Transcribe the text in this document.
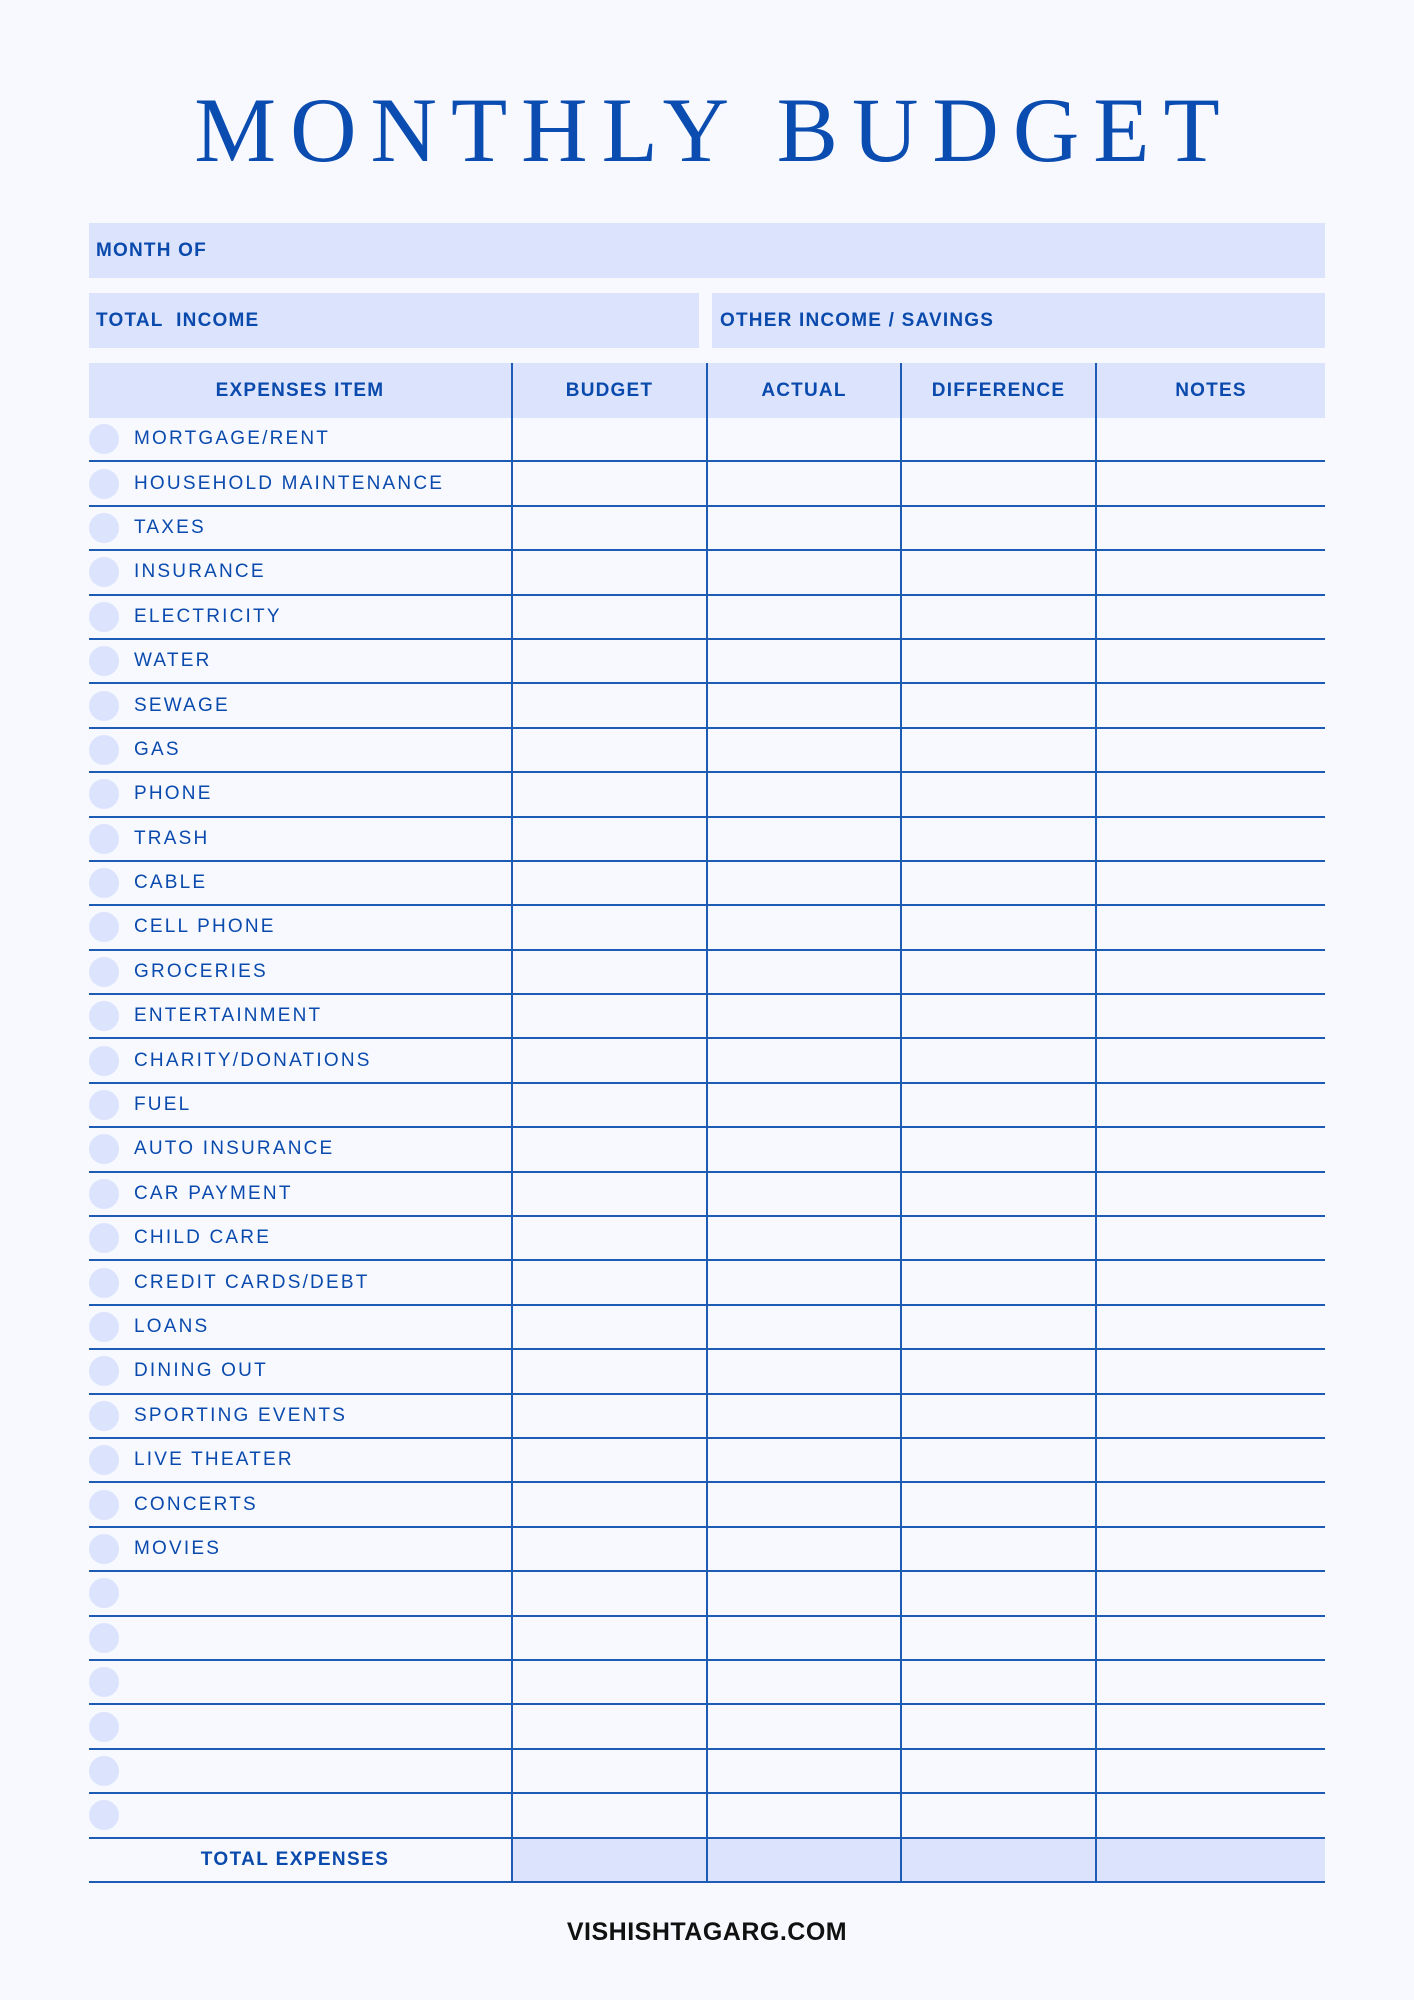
MONTHLY BUDGET
MONTH OF
TOTAL  INCOME	OTHER INCOME / SAVINGS
EXPENSES ITEM	BUDGET	ACTUAL	DIFFERENCE	NOTES
MORTGAGE/RENT
HOUSEHOLD MAINTENANCE
TAXES
INSURANCE
ELECTRICITY
WATER
SEWAGE
GAS
PHONE
TRASH
CABLE
CELL PHONE
GROCERIES
ENTERTAINMENT
CHARITY/DONATIONS
FUEL
AUTO INSURANCE
CAR PAYMENT
CHILD CARE
CREDIT CARDS/DEBT
LOANS
DINING OUT
SPORTING EVENTS
LIVE THEATER
CONCERTS
MOVIES
TOTAL EXPENSES
VISHISHTAGARG.COM
